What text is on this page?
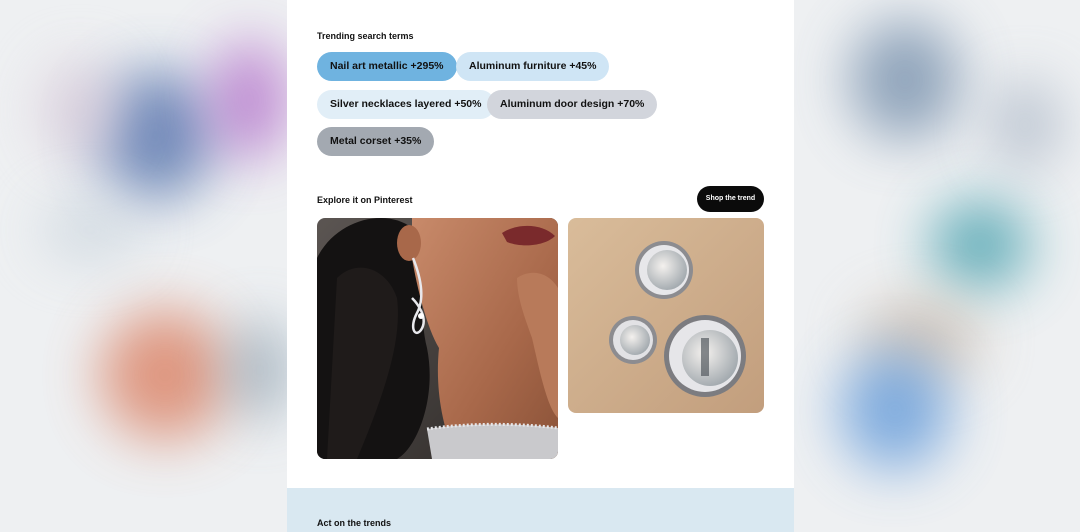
Trending search terms
Nail art metallic +295%	Aluminum furniture +45%
Silver necklaces layered +50%	Aluminum door design +70%
Metal corset +35%
Explore it on Pinterest	Shop the trend
Act on the trends
